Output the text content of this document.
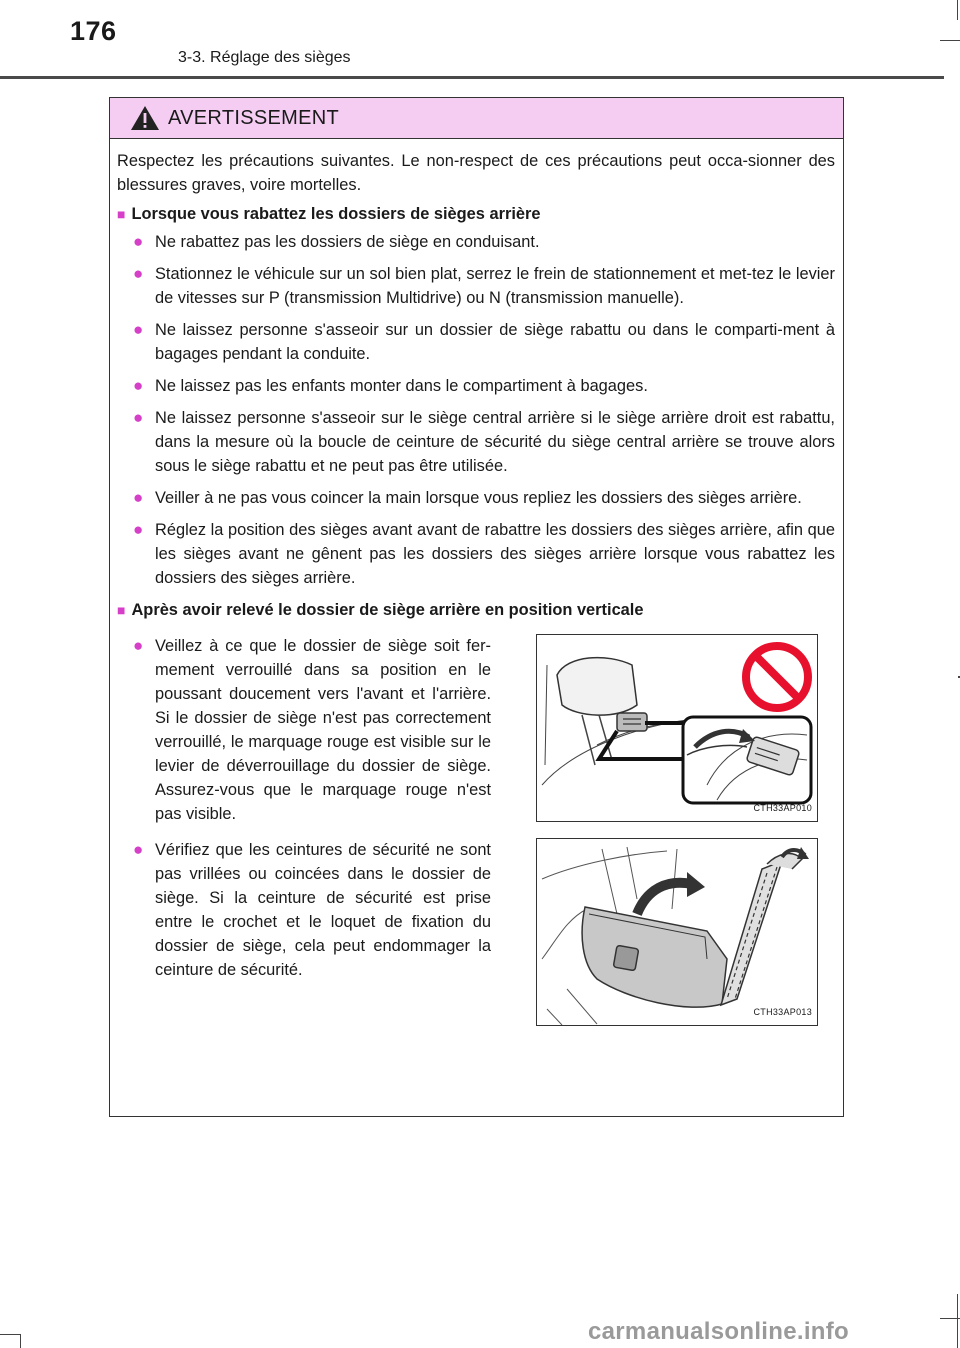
176
3-3. Réglage des sièges
AVERTISSEMENT

Respectez les précautions suivantes. Le non-respect de ces précautions peut occa-sionner des blessures graves, voire mortelles.

■ Lorsque vous rabattez les dossiers de sièges arrière
● Ne rabattez pas les dossiers de siège en conduisant.
● Stationnez le véhicule sur un sol bien plat, serrez le frein de stationnement et met-tez le levier de vitesses sur P (transmission Multidrive) ou N (transmission manuelle).
● Ne laissez personne s'asseoir sur un dossier de siège rabattu ou dans le comparti-ment à bagages pendant la conduite.
● Ne laissez pas les enfants monter dans le compartiment à bagages.
● Ne laissez personne s'asseoir sur le siège central arrière si le siège arrière droit est rabattu, dans la mesure où la boucle de ceinture de sécurité du siège central arrière se trouve alors sous le siège rabattu et ne peut pas être utilisée.
● Veiller à ne pas vous coincer la main lorsque vous repliez les dossiers des sièges arrière.
● Réglez la position des sièges avant avant de rabattre les dossiers des sièges arrière, afin que les sièges avant ne gênent pas les dossiers des sièges arrière lorsque vous rabattez les dossiers des sièges arrière.
■ Après avoir relevé le dossier de siège arrière en position verticale
● Veillez à ce que le dossier de siège soit fer-mement verrouillé dans sa position en le poussant doucement vers l'avant et l'arrière. Si le dossier de siège n'est pas correctement verrouillé, le marquage rouge est visible sur le levier de déverrouillage du dossier de siège. Assurez-vous que le marquage rouge n'est pas visible.	CTH33AP010
● Vérifiez que les ceintures de sécurité ne sont pas vrillées ou coincées dans le dossier de siège. Si la ceinture de sécurité est prise entre le crochet et le loquet de fixation du dossier de siège, cela peut endommager la ceinture de sécurité.
CTH33AP013
carmanualsonline.info
